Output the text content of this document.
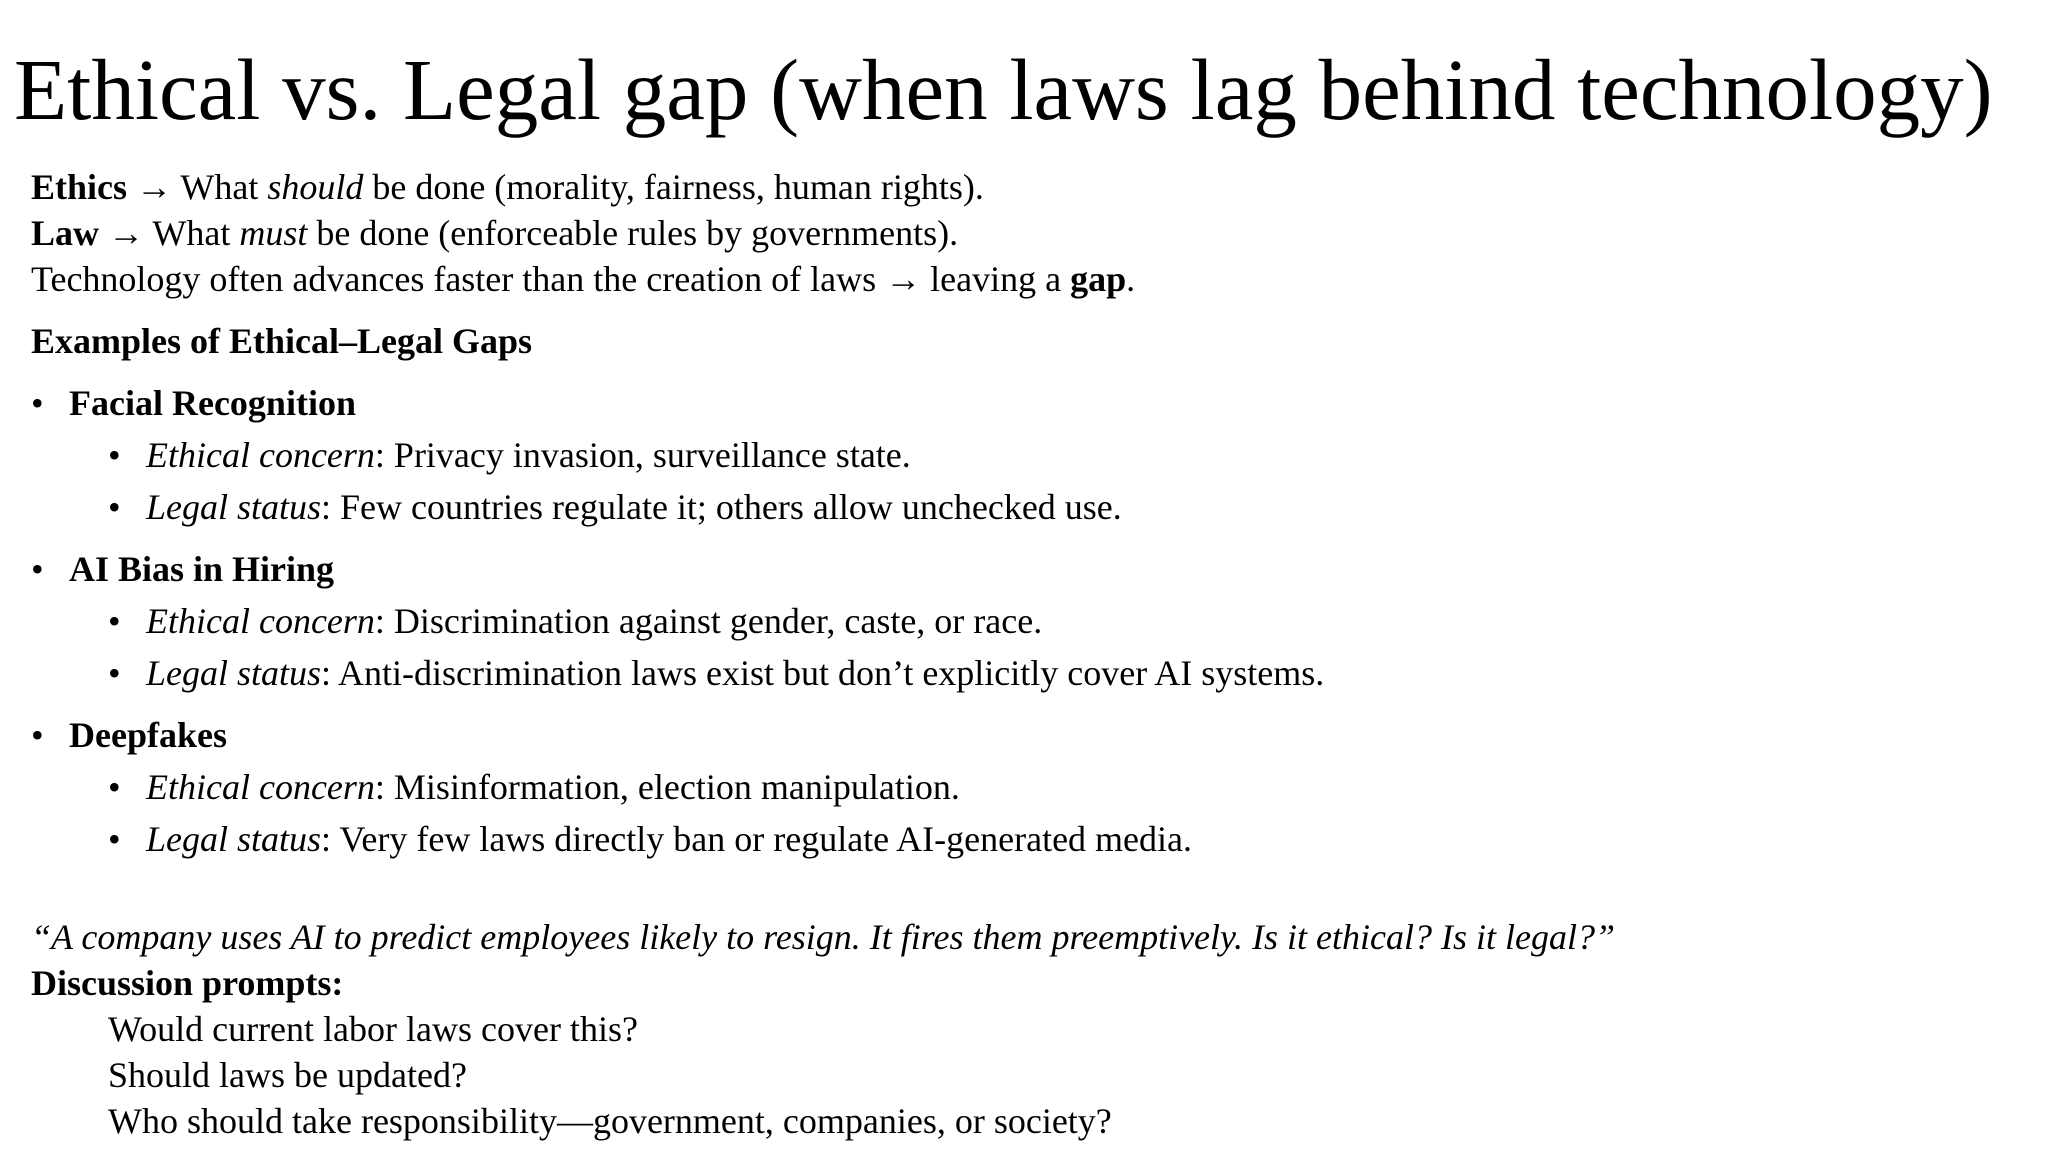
Ethical vs. Legal gap (when laws lag behind technology)
Ethics → What should be done (morality, fairness, human rights).
Law → What must be done (enforceable rules by governments).
Technology often advances faster than the creation of laws → leaving a gap.
Examples of Ethical–Legal Gaps
• Facial Recognition
• Ethical concern: Privacy invasion, surveillance state.
• Legal status: Few countries regulate it; others allow unchecked use.
• AI Bias in Hiring
• Ethical concern: Discrimination against gender, caste, or race.
• Legal status: Anti-discrimination laws exist but don’t explicitly cover AI systems.
• Deepfakes
• Ethical concern: Misinformation, election manipulation.
• Legal status: Very few laws directly ban or regulate AI-generated media.
“A company uses AI to predict employees likely to resign. It fires them preemptively. Is it ethical? Is it legal?”
Discussion prompts:
Would current labor laws cover this?
Should laws be updated?
Who should take responsibility—government, companies, or society?
